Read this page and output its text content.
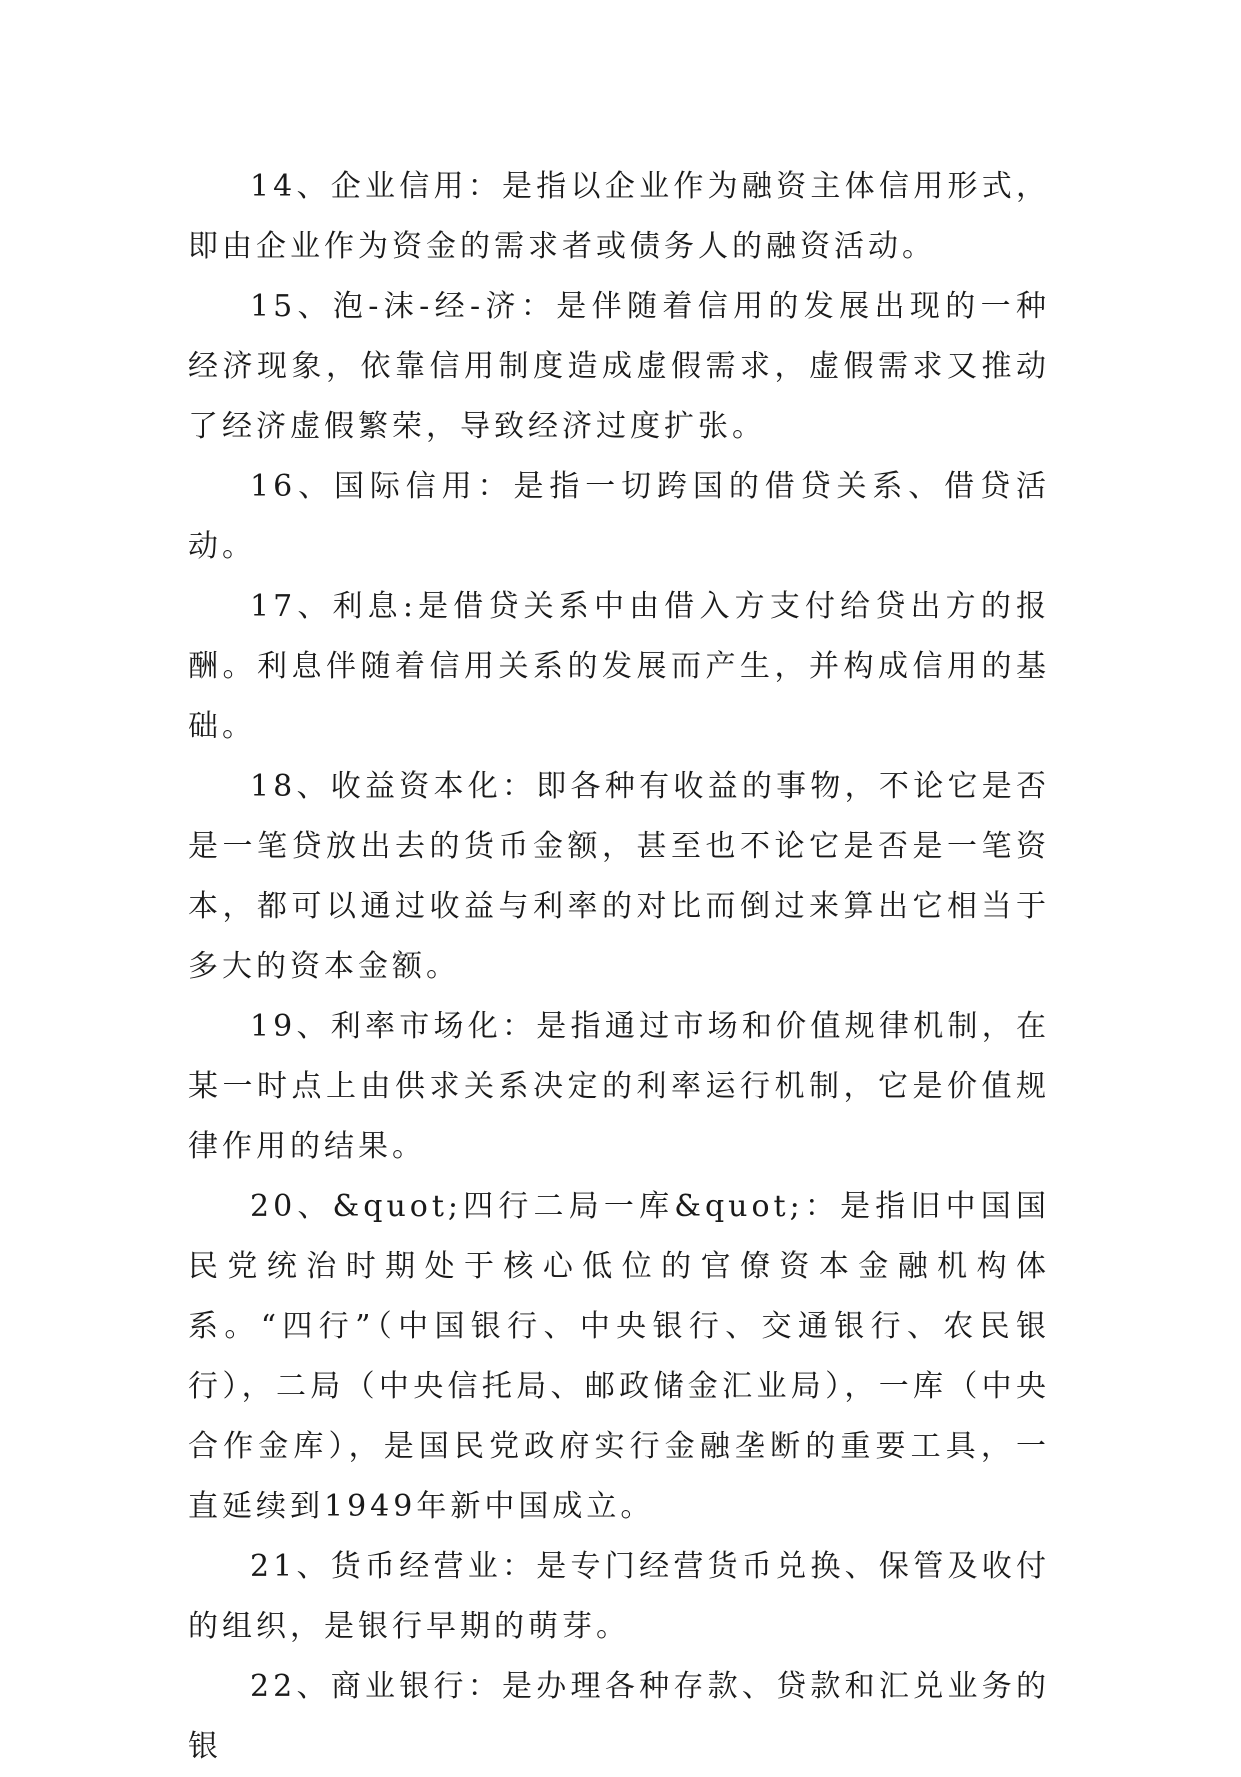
14、企业信用：是指以企业作为融资主体信用形式，即由企业作为资金的需求者或债务人的融资活动。

15、泡-沫-经-济：是伴随着信用的发展出现的一种经济现象，依靠信用制度造成虚假需求，虚假需求又推动了经济虚假繁荣，导致经济过度扩张。

16、国际信用：是指一切跨国的借贷关系、借贷活动。

17、利息:是借贷关系中由借入方支付给贷出方的报酬。利息伴随着信用关系的发展而产生，并构成信用的基础。

18、收益资本化：即各种有收益的事物，不论它是否是一笔贷放出去的货币金额，甚至也不论它是否是一笔资本，都可以通过收益与利率的对比而倒过来算出它相当于多大的资本金额。

19、利率市场化：是指通过市场和价值规律机制，在某一时点上由供求关系决定的利率运行机制，它是价值规律作用的结果。

20、&quot;四行二局一库&quot;：是指旧中国国民党统治时期处于核心低位的官僚资本金融机构体系。“四行”（中国银行、中央银行、交通银行、农民银行），二局（中央信托局、邮政储金汇业局），一库（中央合作金库），是国民党政府实行金融垄断的重要工具，一直延续到1949年新中国成立。

21、货币经营业：是专门经营货币兑换、保管及收付的组织，是银行早期的萌芽。

22、商业银行：是办理各种存款、贷款和汇兑业务的银
